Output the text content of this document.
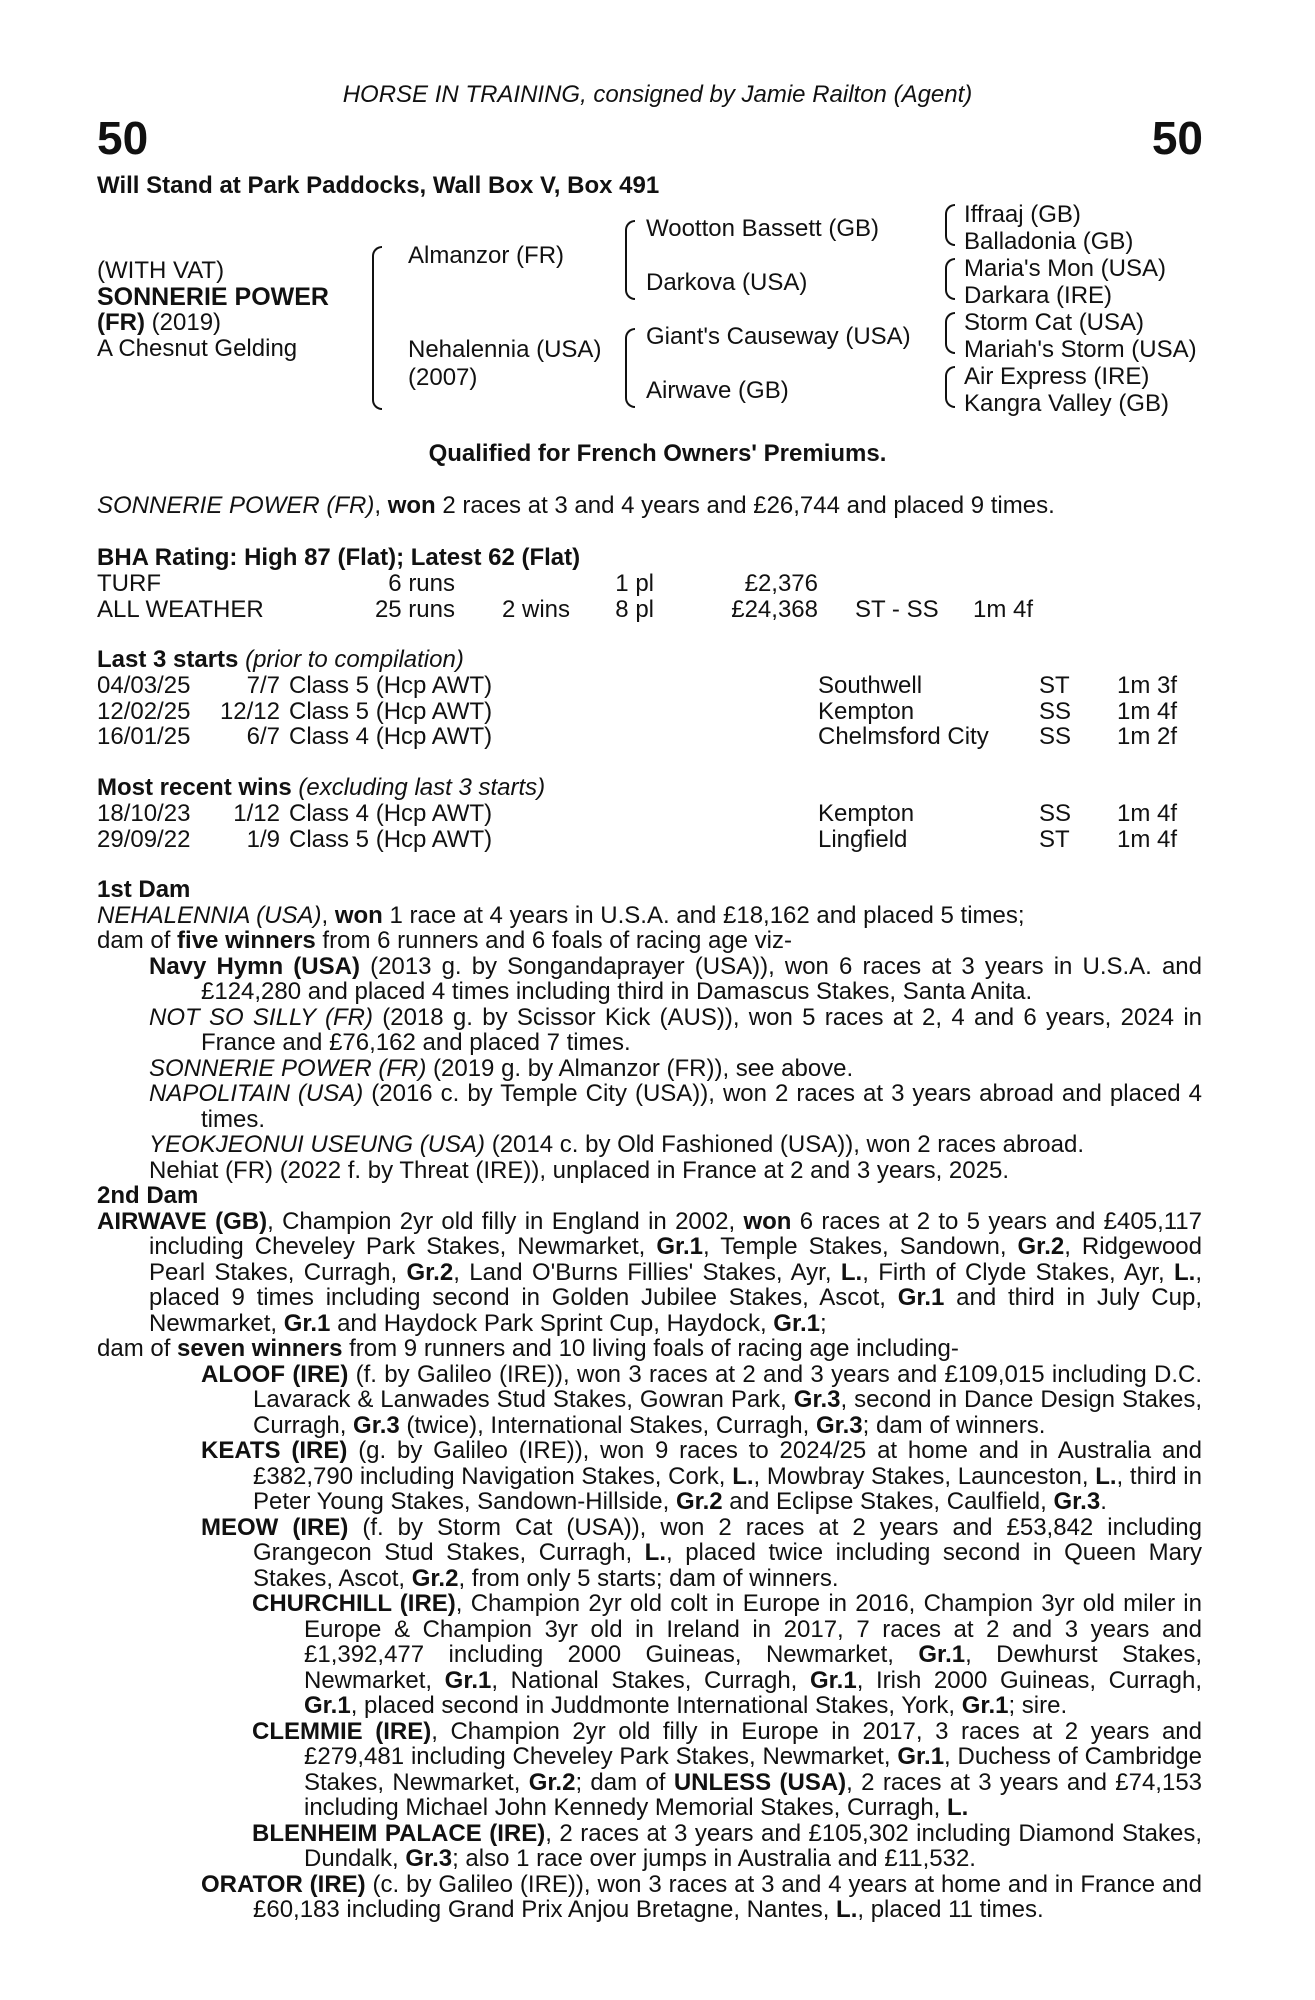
HORSE IN TRAINING, consigned by Jamie Railton (Agent)
50	50
Will Stand at Park Paddocks, Wall Box V, Box 491
(WITH VAT)
SONNERIE POWER
(FR) (2019)
A Chesnut Gelding
Almanzor (FR)
Nehalennia (USA)
(2007)
Wootton Bassett (GB)
Darkova (USA)
Giant's Causeway (USA)
Airwave (GB)
Iffraaj (GB)
Balladonia (GB)
Maria's Mon (USA)
Darkara (IRE)
Storm Cat (USA)
Mariah's Storm (USA)
Air Express (IRE)
Kangra Valley (GB)
Qualified for French Owners' Premiums.
SONNERIE POWER (FR), won 2 races at 3 and 4 years and £26,744 and placed 9 times.
BHA Rating: High 87 (Flat); Latest 62 (Flat)
TURF	6 runs	1 pl	£2,376
ALL WEATHER	25 runs	2 wins	8 pl	£24,368 ST - SS 1m 4f
Last 3 starts (prior to compilation)
04/03/25	7/7 Class 5 (Hcp AWT)	Southwell	ST 1m 3f
12/02/25	12/12 Class 5 (Hcp AWT)	Kempton	SS 1m 4f
16/01/25	6/7 Class 4 (Hcp AWT)	Chelmsford City SS 1m 2f
Most recent wins (excluding last 3 starts)
18/10/23	1/12 Class 4 (Hcp AWT)	Kempton	SS 1m 4f
29/09/22	1/9 Class 5 (Hcp AWT)	Lingfield	ST 1m 4f

1st Dam

NEHALENNIA (USA), won 1 race at 4 years in U.S.A. and £18,162 and placed 5 times;

dam of five winners from 6 runners and 6 foals of racing age viz-

Navy Hymn (USA) (2013 g. by Songandaprayer (USA)), won 6 races at 3 years in U.S.A. and £124,280 and placed 4 times including third in Damascus Stakes, Santa Anita.

NOT SO SILLY (FR) (2018 g. by Scissor Kick (AUS)), won 5 races at 2, 4 and 6 years, 2024 in France and £76,162 and placed 7 times.

SONNERIE POWER (FR) (2019 g. by Almanzor (FR)), see above.

NAPOLITAIN (USA) (2016 c. by Temple City (USA)), won 2 races at 3 years abroad and placed 4 times.

YEOKJEONUI USEUNG (USA) (2014 c. by Old Fashioned (USA)), won 2 races abroad.

Nehiat (FR) (2022 f. by Threat (IRE)), unplaced in France at 2 and 3 years, 2025.

2nd Dam

AIRWAVE (GB), Champion 2yr old filly in England in 2002, won 6 races at 2 to 5 years and £405,117 including Cheveley Park Stakes, Newmarket, Gr.1, Temple Stakes, Sandown, Gr.2, Ridgewood Pearl Stakes, Curragh, Gr.2, Land O'Burns Fillies' Stakes, Ayr, L., Firth of Clyde Stakes, Ayr, L., placed 9 times including second in Golden Jubilee Stakes, Ascot, Gr.1 and third in July Cup, Newmarket, Gr.1 and Haydock Park Sprint Cup, Haydock, Gr.1;

dam of seven winners from 9 runners and 10 living foals of racing age including-

ALOOF (IRE) (f. by Galileo (IRE)), won 3 races at 2 and 3 years and £109,015 including D.C. Lavarack & Lanwades Stud Stakes, Gowran Park, Gr.3, second in Dance Design Stakes, Curragh, Gr.3 (twice), International Stakes, Curragh, Gr.3; dam of winners.

KEATS (IRE) (g. by Galileo (IRE)), won 9 races to 2024/25 at home and in Australia and £382,790 including Navigation Stakes, Cork, L., Mowbray Stakes, Launceston, L., third in Peter Young Stakes, Sandown-Hillside, Gr.2 and Eclipse Stakes, Caulfield, Gr.3.

MEOW (IRE) (f. by Storm Cat (USA)), won 2 races at 2 years and £53,842 including Grangecon Stud Stakes, Curragh, L., placed twice including second in Queen Mary Stakes, Ascot, Gr.2, from only 5 starts; dam of winners.

CHURCHILL (IRE), Champion 2yr old colt in Europe in 2016, Champion 3yr old miler in Europe & Champion 3yr old in Ireland in 2017, 7 races at 2 and 3 years and £1,392,477 including 2000 Guineas, Newmarket, Gr.1, Dewhurst Stakes, Newmarket, Gr.1, National Stakes, Curragh, Gr.1, Irish 2000 Guineas, Curragh, Gr.1, placed second in Juddmonte International Stakes, York, Gr.1; sire.

CLEMMIE (IRE), Champion 2yr old filly in Europe in 2017, 3 races at 2 years and £279,481 including Cheveley Park Stakes, Newmarket, Gr.1, Duchess of Cambridge Stakes, Newmarket, Gr.2; dam of UNLESS (USA), 2 races at 3 years and £74,153 including Michael John Kennedy Memorial Stakes, Curragh, L.

BLENHEIM PALACE (IRE), 2 races at 3 years and £105,302 including Diamond Stakes, Dundalk, Gr.3; also 1 race over jumps in Australia and £11,532.

ORATOR (IRE) (c. by Galileo (IRE)), won 3 races at 3 and 4 years at home and in France and £60,183 including Grand Prix Anjou Bretagne, Nantes, L., placed 11 times.
